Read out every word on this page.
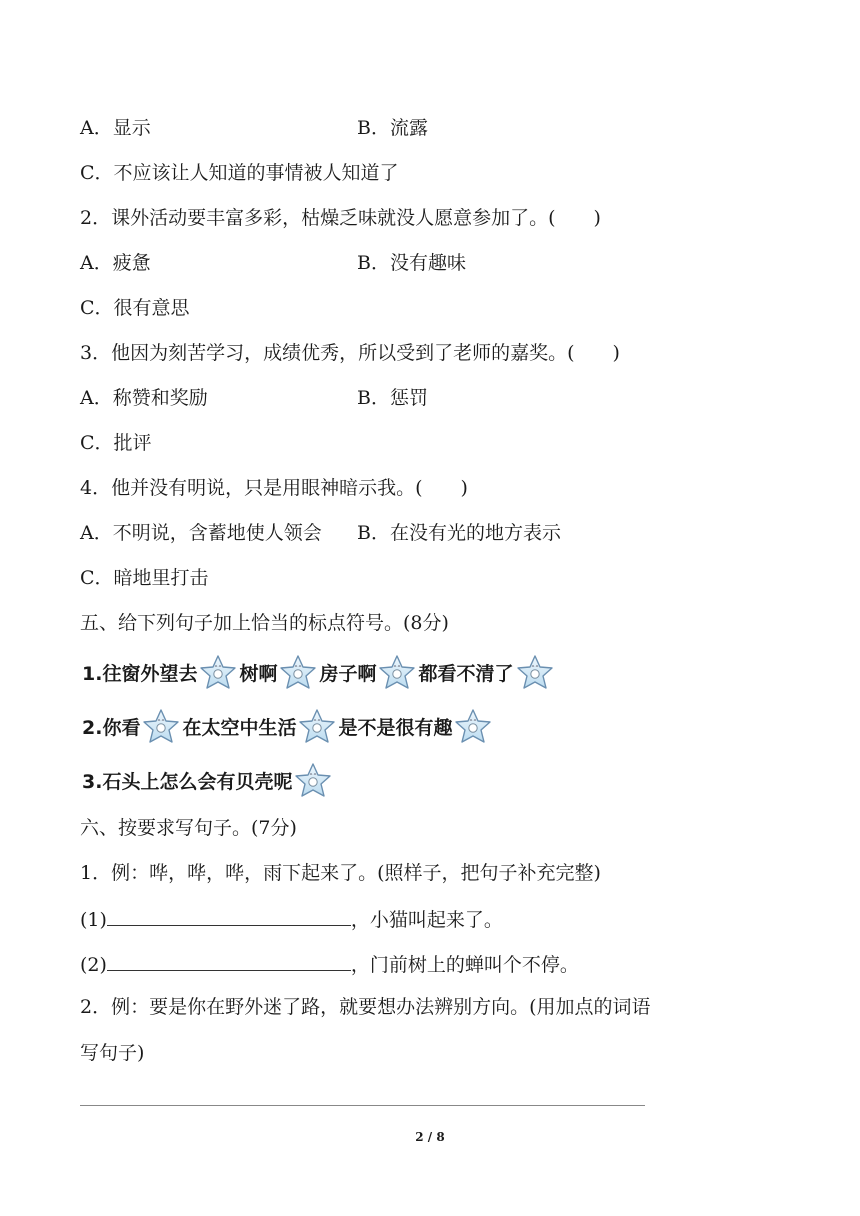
A．显示	B．流露
C．不应该让人知道的事情被人知道了
2．课外活动要丰富多彩，枯燥乏味就没人愿意参加了。(　　)
A．疲惫	B．没有趣味
C．很有意思
3．他因为刻苦学习，成绩优秀，所以受到了老师的嘉奖。(　　)
A．称赞和奖励	B．惩罚
C．批评
4．他并没有明说，只是用眼神暗示我。(　　)
A．不明说，含蓄地使人领会 B．在没有光的地方表示
C．暗地里打击
五、给下列句子加上恰当的标点符号。(8分)
1.往窗外望去 树啊 房子啊 都看不清了
2.你看 在太空中生活 是不是很有趣
3.石头上怎么会有贝壳呢
六、按要求写句子。(7分)
1．例：哗，哗，哗，雨下起来了。(照样子，把句子补充完整)
(1)	，小猫叫起来了。
(2)	，门前树上的蝉叫个不停。
2．例：要是你在野外迷了路，就要想办法辨别方向。(用加点的词语
写句子)
2 / 8
